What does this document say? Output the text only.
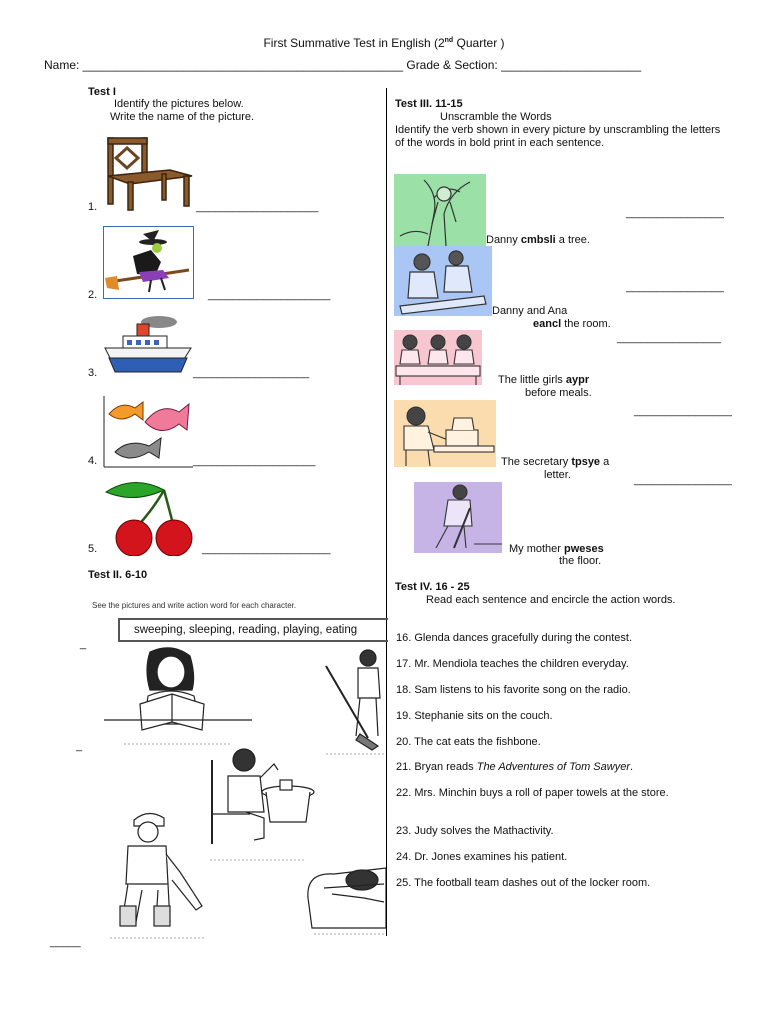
First Summative Test in English (2nd Quarter )
Name: ________________________________________________ Grade & Section: _____________________
Test I
Identify the pictures below.
Write the name of the picture.
1.	____________________
2.	____________________
3.	___________________
4.	____________________
5.	_____________________
Test II. 6-10
See the pictures and write action word for each character.
sweeping, sleeping, reading, playing, eating
_
_
_____
Test III. 11-15
Unscramble the Words
Identify the verb shown in every picture by unscrambling the letters of the words in bold print in each sentence.
________________
Danny cmbsli a tree.
________________
Danny and Ana
eancl the room.
_________________
The little girls aypr
before meals.
________________
The secretary tpsye a
letter.	________________
My mother pweses
the floor.
Test IV. 16 - 25
Read each sentence and encircle the action words.
16. Glenda dances gracefully during the contest.
17. Mr. Mendiola teaches the children everyday.
18. Sam listens to his favorite song on the radio.
19. Stephanie sits on the couch.
20. The cat eats the fishbone.
21. Bryan reads The Adventures of Tom Sawyer.
22. Mrs. Minchin buys a roll of paper towels at the store.
23. Judy solves the Mathactivity.
24. Dr. Jones examines his patient.
25. The football team dashes out of the locker room.
